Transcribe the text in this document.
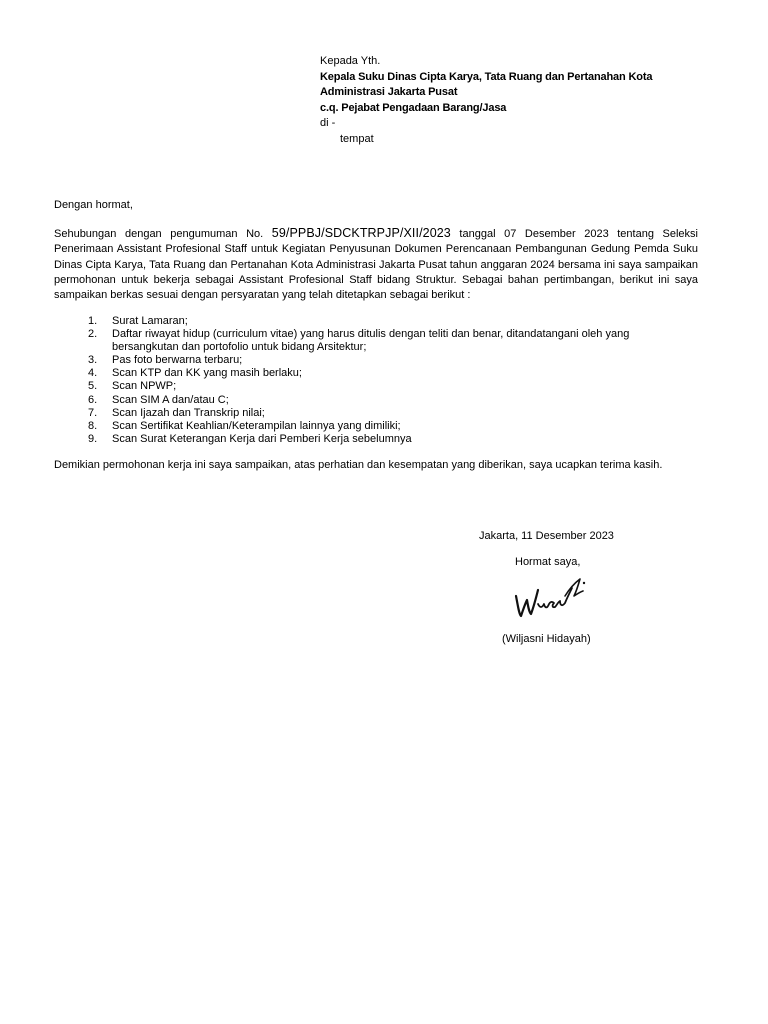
Kepada Yth.
Kepala Suku Dinas Cipta Karya, Tata Ruang dan Pertanahan Kota
Administrasi Jakarta Pusat
c.q. Pejabat Pengadaan Barang/Jasa
di -
tempat
Dengan hormat,
Sehubungan dengan pengumuman No. 59/PPBJ/SDCKTRPJP/XII/2023 tanggal 07 Desember 2023 tentang Seleksi Penerimaan Assistant Profesional Staff untuk Kegiatan Penyusunan Dokumen Perencanaan Pembangunan Gedung Pemda Suku Dinas Cipta Karya, Tata Ruang dan Pertanahan Kota Administrasi Jakarta Pusat tahun anggaran 2024 bersama ini saya sampaikan permohonan untuk bekerja sebagai Assistant Profesional Staff bidang Struktur. Sebagai bahan pertimbangan, berikut ini saya sampaikan berkas sesuai dengan persyaratan yang telah ditetapkan sebagai berikut :
1. Surat Lamaran;
2. Daftar riwayat hidup (curriculum vitae) yang harus ditulis dengan teliti dan benar, ditandatangani oleh yang bersangkutan dan portofolio untuk bidang Arsitektur;
3. Pas foto berwarna terbaru;
4. Scan KTP dan KK yang masih berlaku;
5. Scan NPWP;
6. Scan SIM A dan/atau C;
7. Scan Ijazah dan Transkrip nilai;
8. Scan Sertifikat Keahlian/Keterampilan lainnya yang dimiliki;
9. Scan Surat Keterangan Kerja dari Pemberi Kerja sebelumnya
Demikian permohonan kerja ini saya sampaikan, atas perhatian dan kesempatan yang diberikan, saya ucapkan terima kasih.
Jakarta, 11 Desember 2023
Hormat saya,
(Wiljasni Hidayah)
